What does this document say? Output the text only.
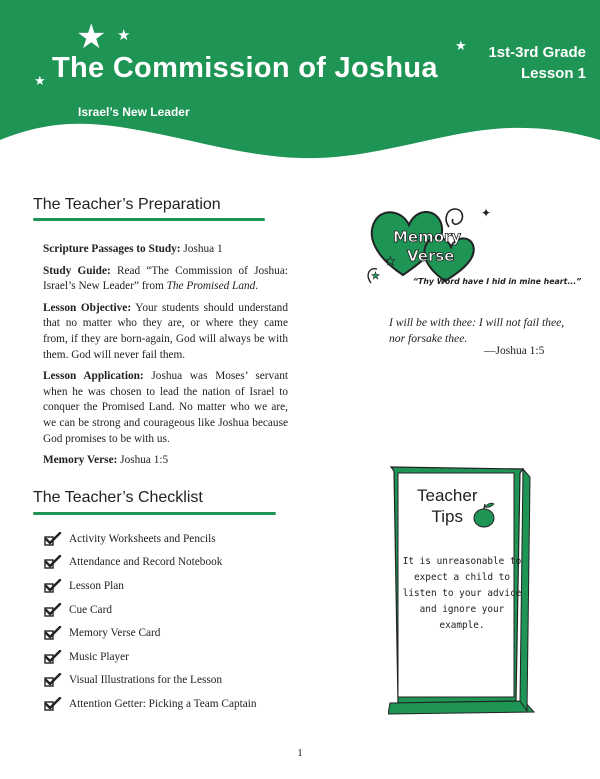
★ ★
★
★
The Commission of Joshua
Israel’s New Leader
1st-3rd Grade
Lesson 1
The Teacher’s Preparation

Scripture Passages to Study: Joshua 1

Study Guide: Read “The Commission of Joshua: Israel’s New Leader” from The Promised Land.

Lesson Objective: Your students should understand that no matter who they are, or where they came from, if they are born-again, God will always be with them. God will never fail them.

Lesson Application: Joshua was Moses’ servant when he was chosen to lead the nation of Israel to conquer the Promised Land. No matter who we are, we can be strong and courageous like Joshua because God promises to be with us.

Memory Verse: Joshua 1:5

The Teacher’s Checklist
Activity Worksheets and Pencils
Attendance and Record Notebook
Lesson Plan
Cue Card
Memory Verse Card
Music Player
Visual Illustrations for the Lesson
Attention Getter: Picking a Team Captain
✦
★
★
Memory
Verse
“Thy Word have I hid in mine heart...”
I will be with thee: I will not fail thee, nor forsake thee.
—Joshua 1:5
Teacher
Tips
It is unreasonable to expect a child to listen to your advice and ignore your example.
1
